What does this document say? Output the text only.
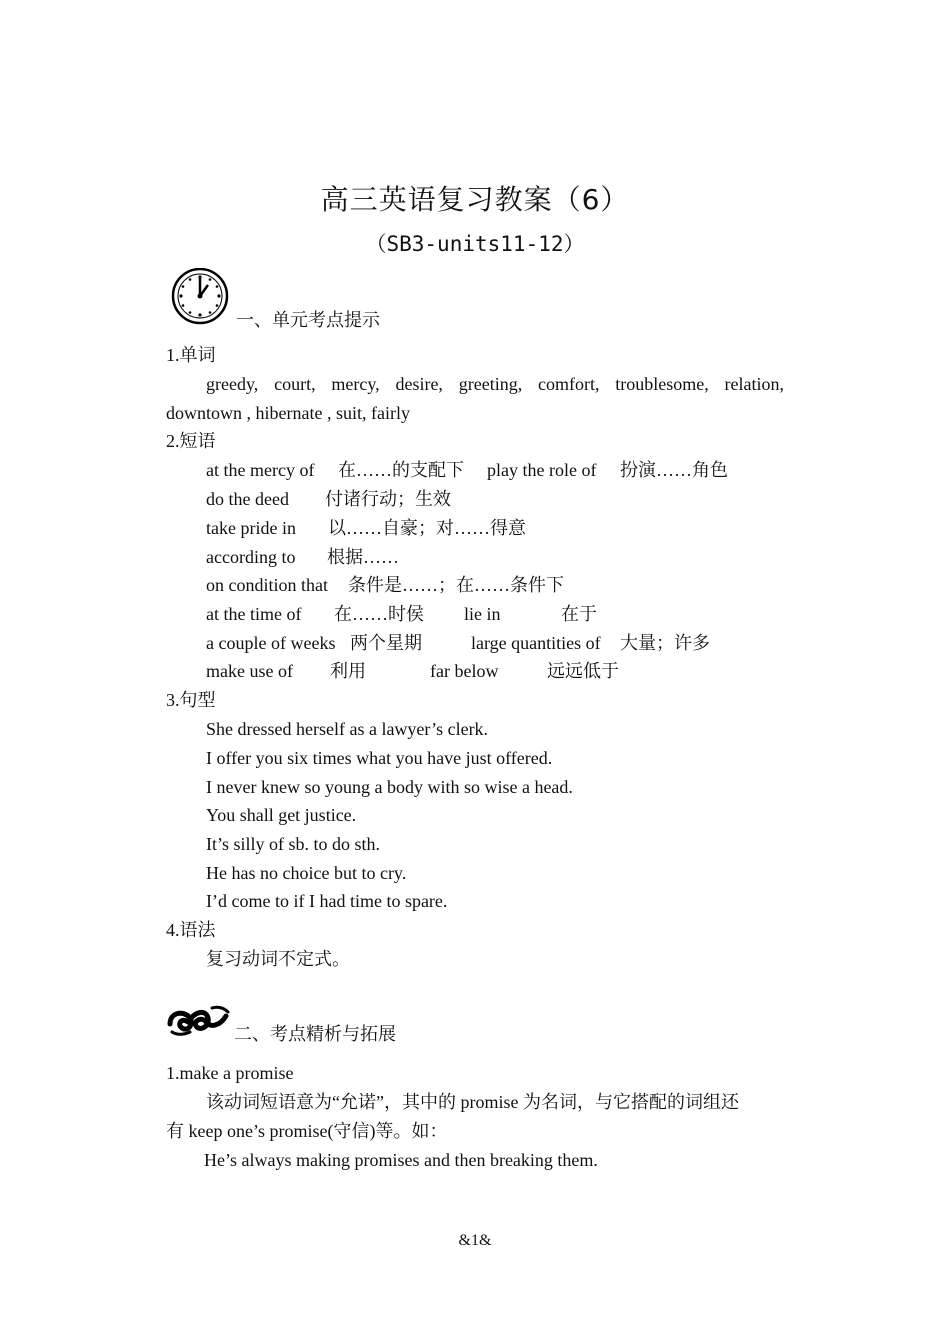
高三英语复习教案（6）
（SB3-units11-12）
一、单元考点提示
1.单词
greedy, court, mercy, desire, greeting, comfort, troublesome, relation,
downtown , hibernate , suit, fairly
2.短语
at the mercy of 在……的支配下 play the role of 扮演……角色
do the deed 付诸行动；生效
take pride in 以……自豪；对……得意
according to 根据……
on condition that 条件是……；在……条件下
at the time of 在……时侯 lie in	在于
a couple of weeks 两个星期	large quantities of 大量；许多
make use of 利用	far below	远远低于
3.句型
She dressed herself as a lawyer’s clerk.
I offer you six times what you have just offered.
I never knew so young a body with so wise a head.
You shall get justice.
It’s silly of sb. to do sth.
He has no choice but to cry.
I’d come to if I had time to spare.
4.语法
复习动词不定式。
二、考点精析与拓展
1.make a promise
该动词短语意为“允诺”，其中的 promise 为名词，与它搭配的词组还
有 keep one’s promise(守信)等。如：
He’s always making promises and then breaking them.
&1&
